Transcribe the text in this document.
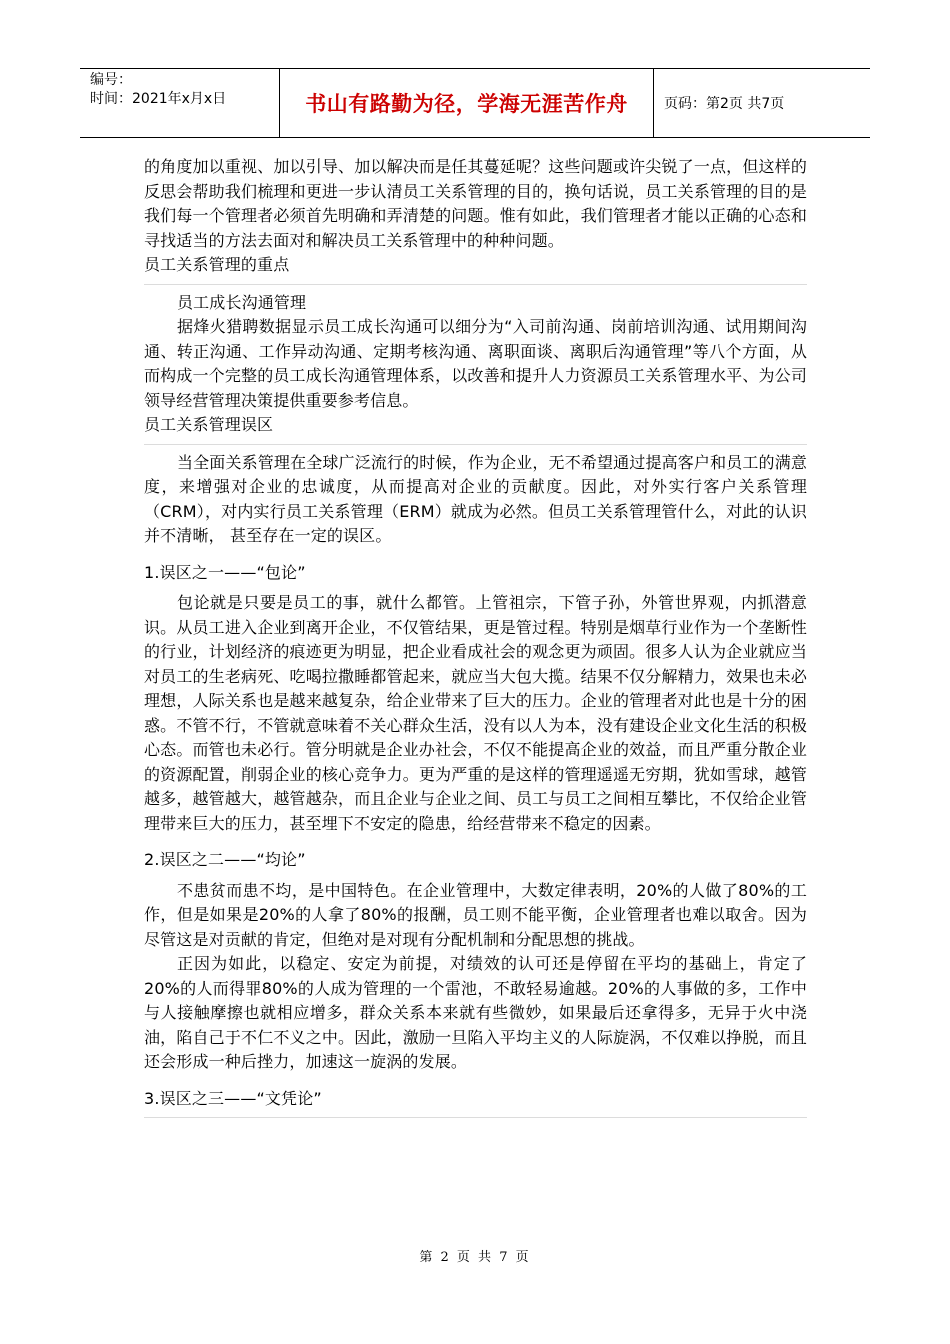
编号：
时间：2021年x月x日	书山有路勤为径，学海无涯苦作舟	页码：第2页 共7页

的角度加以重视、加以引导、加以解决而是任其蔓延呢？这些问题或许尖锐了一点，但这样的反思会帮助我们梳理和更进一步认清员工关系管理的目的，换句话说，员工关系管理的目的是我们每一个管理者必须首先明确和弄清楚的问题。惟有如此，我们管理者才能以正确的心态和寻找适当的方法去面对和解决员工关系管理中的种种问题。

员工关系管理的重点

员工成长沟通管理

据烽火猎聘数据显示员工成长沟通可以细分为“入司前沟通、岗前培训沟通、试用期间沟通、转正沟通、工作异动沟通、定期考核沟通、离职面谈、离职后沟通管理”等八个方面，从而构成一个完整的员工成长沟通管理体系，以改善和提升人力资源员工关系管理水平、为公司领导经营管理决策提供重要参考信息。

员工关系管理误区

当全面关系管理在全球广泛流行的时候，作为企业，无不希望通过提高客户和员工的满意度，来增强对企业的忠诚度，从而提高对企业的贡献度。因此，对外实行客户关系管理（CRM），对内实行员工关系管理（ERM）就成为必然。但员工关系管理管什么，对此的认识并不清晰， 甚至存在一定的误区。

1.误区之一——“包论”

包论就是只要是员工的事，就什么都管。上管祖宗，下管子孙，外管世界观，内抓潜意识。从员工进入企业到离开企业，不仅管结果，更是管过程。特别是烟草行业作为一个垄断性的行业，计划经济的痕迹更为明显，把企业看成社会的观念更为顽固。很多人认为企业就应当对员工的生老病死、吃喝拉撒睡都管起来，就应当大包大揽。结果不仅分解精力，效果也未必理想，人际关系也是越来越复杂，给企业带来了巨大的压力。企业的管理者对此也是十分的困惑。不管不行，不管就意味着不关心群众生活，没有以人为本，没有建设企业文化生活的积极心态。而管也未必行。管分明就是企业办社会，不仅不能提高企业的效益，而且严重分散企业的资源配置，削弱企业的核心竞争力。更为严重的是这样的管理遥遥无穷期，犹如雪球，越管越多，越管越大，越管越杂，而且企业与企业之间、员工与员工之间相互攀比，不仅给企业管理带来巨大的压力，甚至埋下不安定的隐患，给经营带来不稳定的因素。

2.误区之二——“均论”

不患贫而患不均，是中国特色。在企业管理中，大数定律表明，20%的人做了80%的工作，但是如果是20%的人拿了80%的报酬，员工则不能平衡，企业管理者也难以取舍。因为尽管这是对贡献的肯定，但绝对是对现有分配机制和分配思想的挑战。

正因为如此，以稳定、安定为前提，对绩效的认可还是停留在平均的基础上，肯定了20%的人而得罪80%的人成为管理的一个雷池，不敢轻易逾越。20%的人事做的多，工作中与人接触摩擦也就相应增多，群众关系本来就有些微妙，如果最后还拿得多，无异于火中浇油，陷自己于不仁不义之中。因此，激励一旦陷入平均主义的人际旋涡，不仅难以挣脱，而且还会形成一种后挫力，加速这一旋涡的发展。

3.误区之三——“文凭论”

第 2 页 共 7 页
